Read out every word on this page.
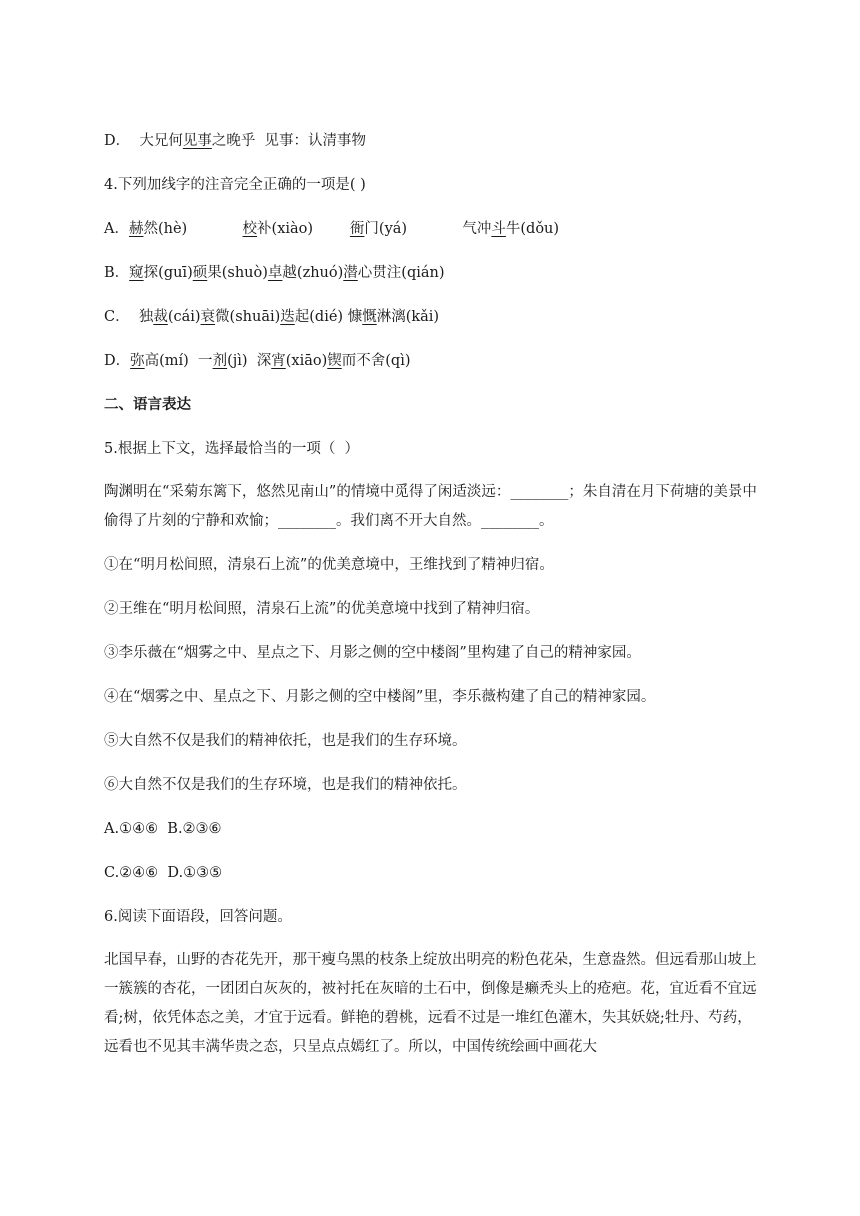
D．  大兄何见事之晚乎  见事：认清事物
4.下列加线字的注音完全正确的一项是( )
A．赫然(hè)            校补(xiào)        衙门(yá)            气冲斗牛(dǒu)
B．窥探(guī)硕果(shuò)卓越(zhuó)潜心贯注(qián)
C．  独裁(cái)衰微(shuāi)迭起(dié) 慷慨淋漓(kǎi)
D．弥高(mí)  一剂(jì)  深宵(xiāo)锲而不舍(qì)
二、语言表达
5.根据上下文，选择最恰当的一项（  ）
陶渊明在“采菊东篱下，悠然见南山”的情境中觅得了闲适淡远：________；朱自清在月下荷塘的美景中偷得了片刻的宁静和欢愉；________。我们离不开大自然。________。
①在“明月松间照，清泉石上流”的优美意境中，王维找到了精神归宿。
②王维在“明月松间照，清泉石上流”的优美意境中找到了精神归宿。
③李乐薇在“烟雾之中、星点之下、月影之侧的空中楼阁”里构建了自己的精神家园。
④在“烟雾之中、星点之下、月影之侧的空中楼阁”里，李乐薇构建了自己的精神家园。
⑤大自然不仅是我们的精神依托，也是我们的生存环境。
⑥大自然不仅是我们的生存环境，也是我们的精神依托。
A.①④⑥  B.②③⑥
C.②④⑥  D.①③⑤
6.阅读下面语段，回答问题。
北国早春，山野的杏花先开，那干瘦乌黑的枝条上绽放出明亮的粉色花朵，生意盎然。但远看那山坡上一簇簇的杏花，一团团白灰灰的，被衬托在灰暗的土石中，倒像是癞秃头上的疮疤。花，宜近看不宜远看;树，依凭体态之美，才宜于远看。鲜艳的碧桃，远看不过是一堆红色灌木，失其妖娆;牡丹、芍药，远看也不见其丰满华贵之态，只呈点点嫣红了。所以，中国传统绘画中画花大
